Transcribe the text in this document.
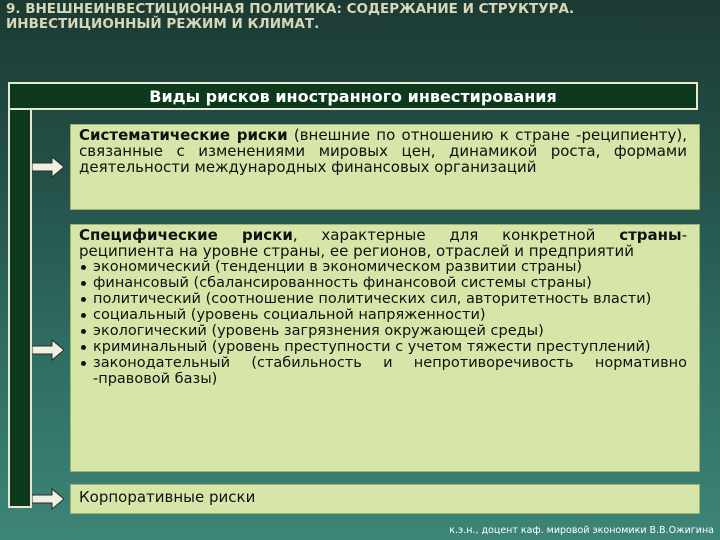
9. ВНЕШНЕИНВЕСТИЦИОННАЯ ПОЛИТИКА: СОДЕРЖАНИЕ И СТРУКТУРА.
ИНВЕСТИЦИОННЫЙ РЕЖИМ И КЛИМАТ.
Виды рисков иностранного инвестирования

Систематические риски (внешние по отношению к стране -реципиенту), связанные с изменениями мировых цен, динамикой роста, формами деятельности международных финансовых организаций

Специфические риски, характерные для конкретной страны-реципиента на уровне страны, ее регионов, отраслей и предприятий

экономический (тенденции в экономическом развитии страны)
финансовый (сбалансированность финансовой системы страны)
политический (соотношение политических сил, авторитетность власти)
социальный (уровень социальной напряженности)
экологический (уровень загрязнения окружающей среды)
криминальный (уровень преступности с учетом тяжести преступлений)
законодательный (стабильность и непротиворечивость нормативно -правовой базы)

Корпоративные риски

к.э.н., доцент каф. мировой экономики В.В.Ожигина
